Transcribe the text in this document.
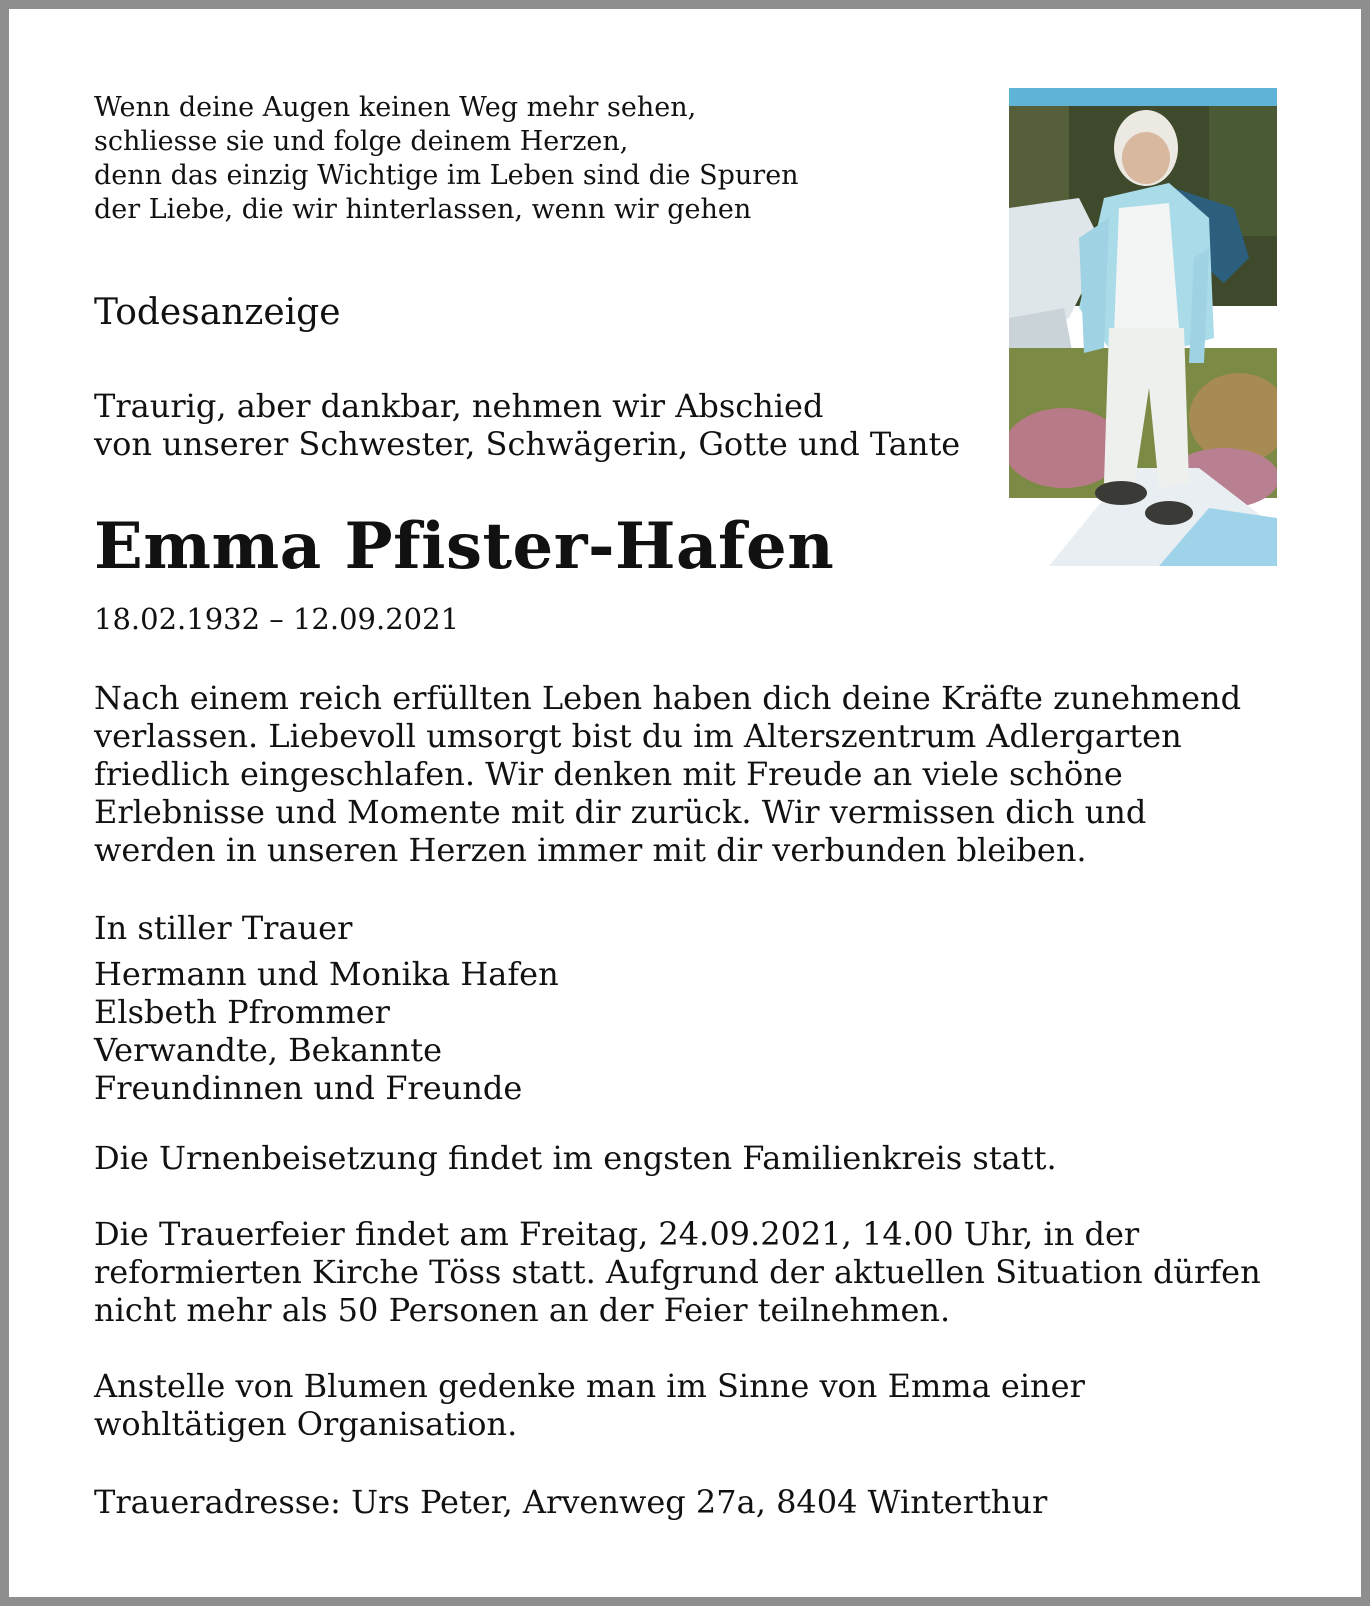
Wenn deine Augen keinen Weg mehr sehen,
schliesse sie und folge deinem Herzen,
denn das einzig Wichtige im Leben sind die Spuren
der Liebe, die wir hinterlassen, wenn wir gehen

Todesanzeige

Traurig, aber dankbar, nehmen wir Abschied
von unserer Schwester, Schwägerin, Gotte und Tante

Emma Pfister-Hafen

18.02.1932 – 12.09.2021

Nach einem reich erfüllten Leben haben dich deine Kräfte zunehmend
verlassen. Liebevoll umsorgt bist du im Alterszentrum Adlergarten
friedlich eingeschlafen. Wir denken mit Freude an viele schöne
Erlebnisse und Momente mit dir zurück. Wir vermissen dich und
werden in unseren Herzen immer mit dir verbunden bleiben.

In stiller Trauer

Hermann und Monika Hafen
Elsbeth Pfrommer
Verwandte, Bekannte
Freundinnen und Freunde

Die Urnenbeisetzung findet im engsten Familienkreis statt.

Die Trauerfeier findet am Freitag, 24.09.2021, 14.00 Uhr, in der
reformierten Kirche Töss statt. Aufgrund der aktuellen Situation dürfen
nicht mehr als 50 Personen an der Feier teilnehmen.

Anstelle von Blumen gedenke man im Sinne von Emma einer
wohltätigen Organisation.

Traueradresse: Urs Peter, Arvenweg 27a, 8404 Winterthur
